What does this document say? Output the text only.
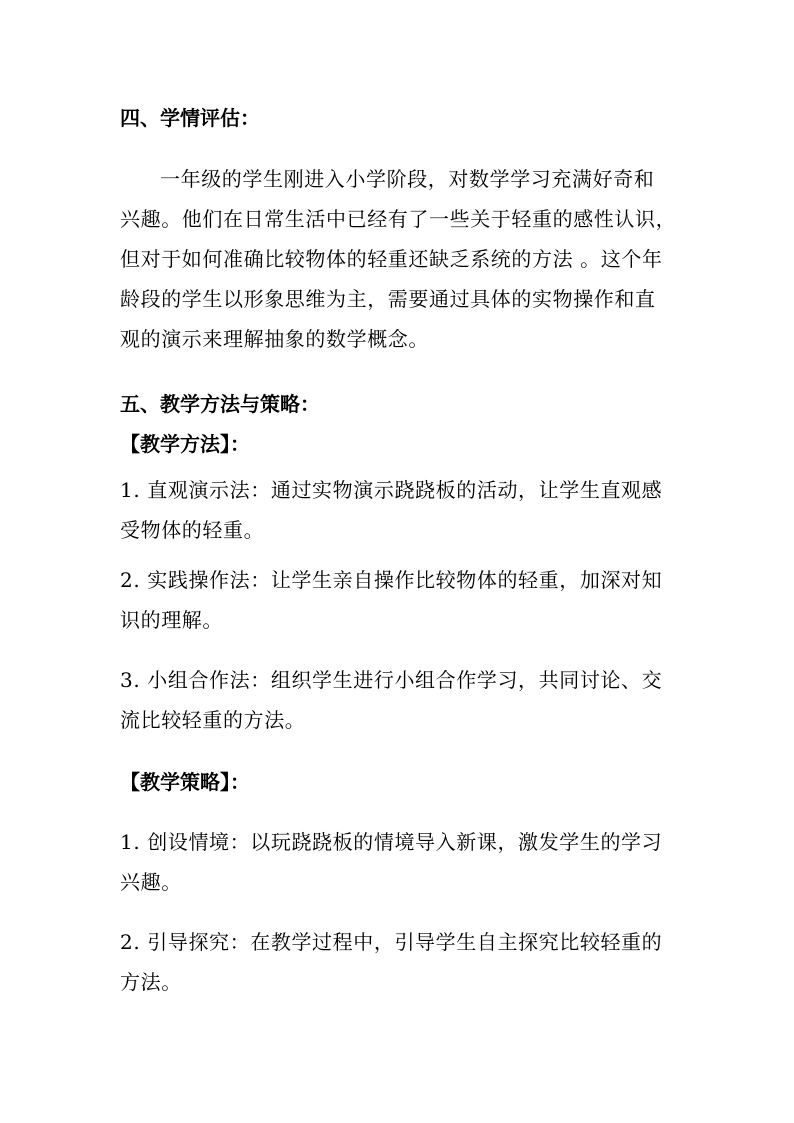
四、学情评估：
一年级的学生刚进入小学阶段，对数学学习充满好奇和
兴趣。他们在日常生活中已经有了一些关于轻重的感性认识，
但对于如何准确比较物体的轻重还缺乏系统的方法 。这个年
龄段的学生以形象思维为主，需要通过具体的实物操作和直
观的演示来理解抽象的数学概念。
五、教学方法与策略：
【教学方法】：
1. 直观演示法：通过实物演示跷跷板的活动，让学生直观感
受物体的轻重。
2. 实践操作法：让学生亲自操作比较物体的轻重，加深对知
识的理解。
3. 小组合作法：组织学生进行小组合作学习，共同讨论、交
流比较轻重的方法。
【教学策略】：
1. 创设情境：以玩跷跷板的情境导入新课，激发学生的学习
兴趣。
2. 引导探究：在教学过程中，引导学生自主探究比较轻重的
方法。
